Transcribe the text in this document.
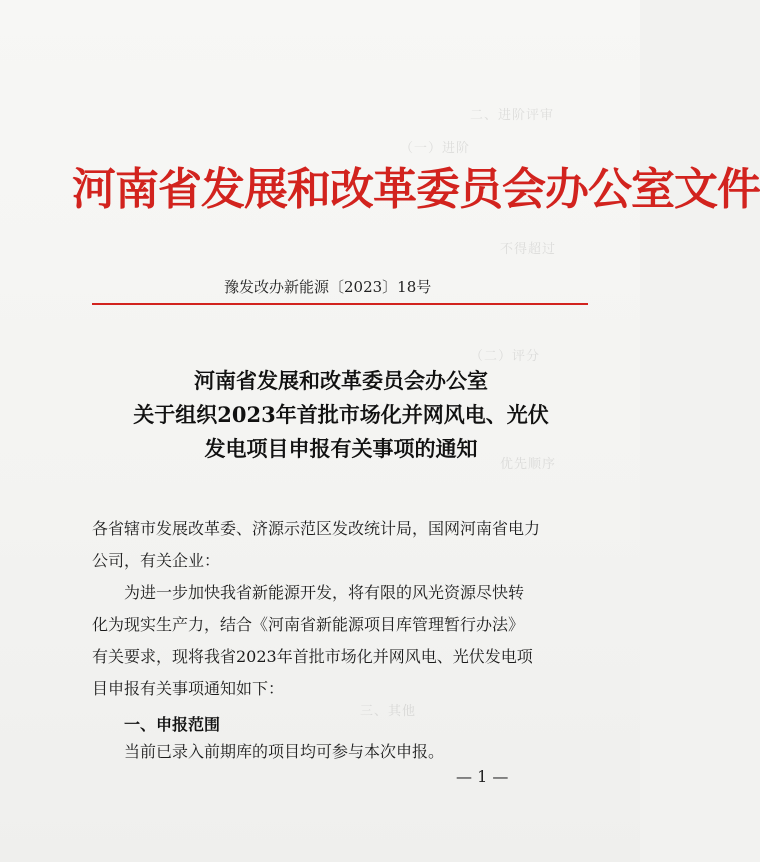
二、进阶评审
（一）进阶
不得超过
（二）评分
优先顺序
三、其他
河南省发展和改革委员会办公室文件
豫发改办新能源〔2023〕18号
河南省发展和改革委员会办公室
关于组织2023年首批市场化并网风电、光伏
发电项目申报有关事项的通知
各省辖市发展改革委、济源示范区发改统计局，国网河南省电力
公司，有关企业：
为进一步加快我省新能源开发，将有限的风光资源尽快转
化为现实生产力，结合《河南省新能源项目库管理暂行办法》
有关要求，现将我省2023年首批市场化并网风电、光伏发电项
目申报有关事项通知如下：
一、申报范围
当前已录入前期库的项目均可参与本次申报。
— 1 —
